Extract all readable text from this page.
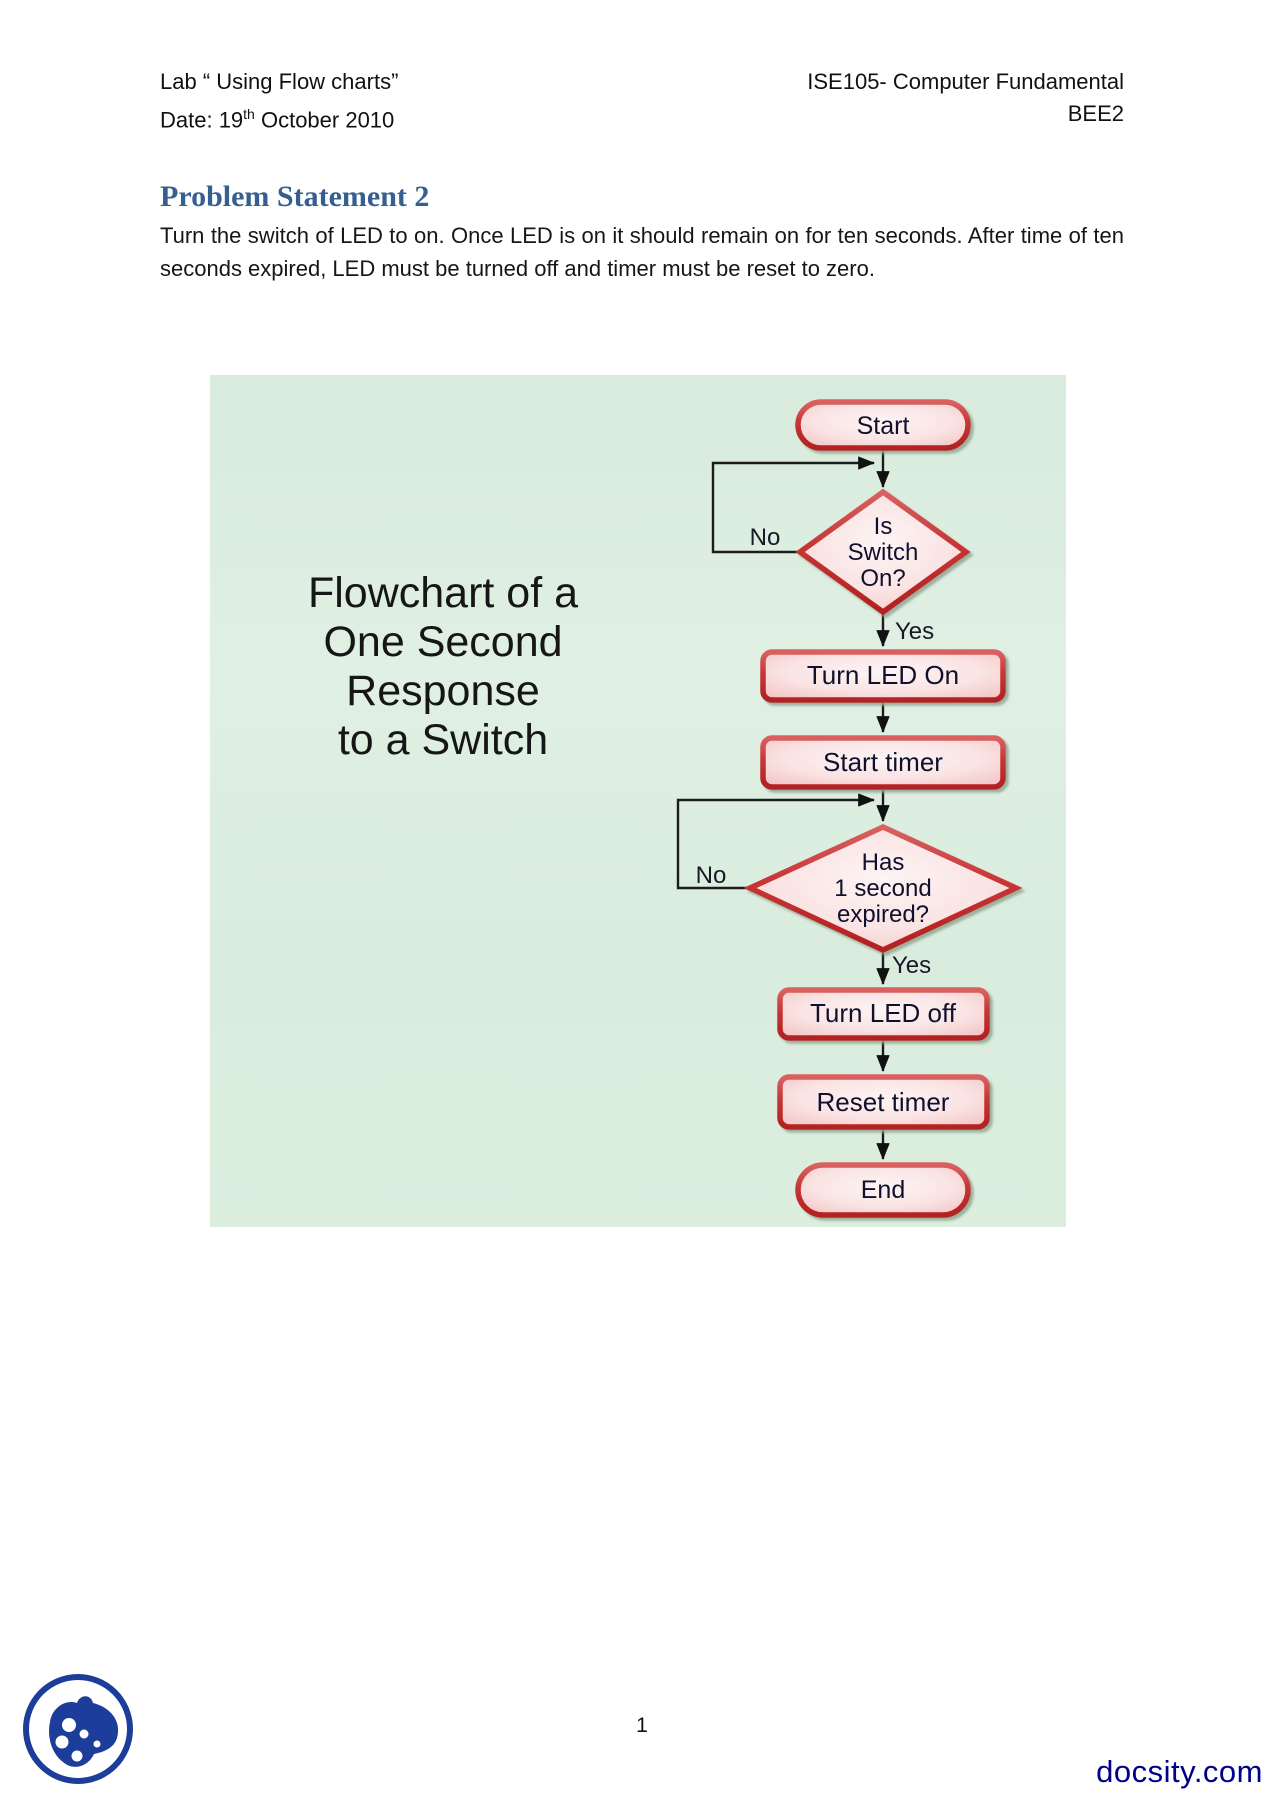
Lab “ Using Flow charts”
Date: 19th October 2010
ISE105- Computer Fundamental
BEE2
Problem Statement 2
Turn the switch of LED to on. Once LED is on it should remain on for ten seconds. After time of ten seconds expired, LED must be turned off and timer must be reset to zero.
Flowchart of a
One Second
Response
to a Switch
Start
Is
Switch
On?
No
Yes
Turn LED On
Start timer
Has
1 second
expired?
No
Yes
Turn LED off
Reset timer
End
1
docsity.com
